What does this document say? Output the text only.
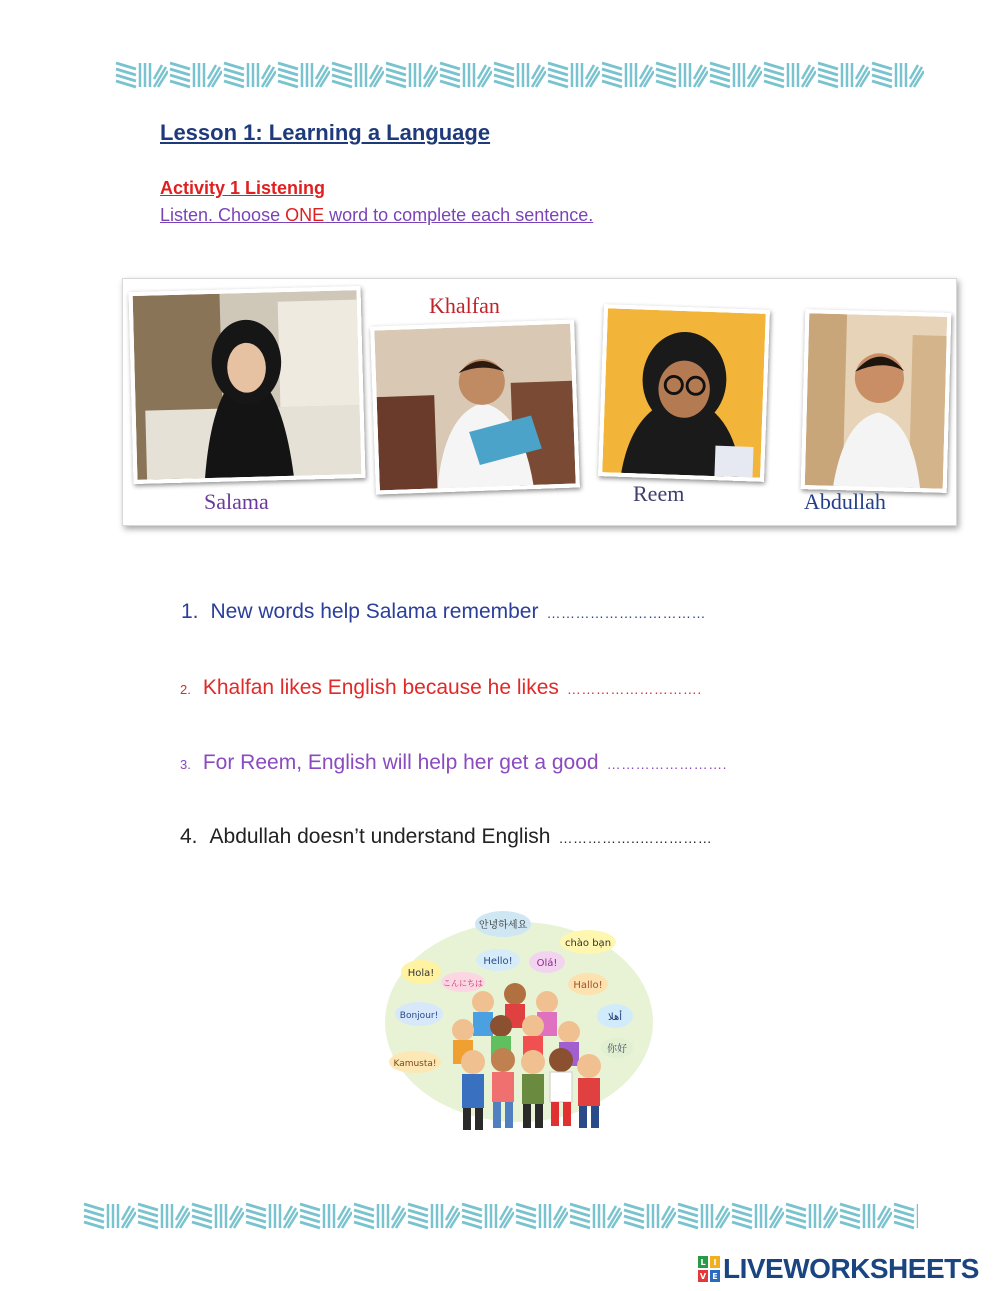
Lesson 1: Learning a Language
Activity 1 Listening
Listen. Choose ONE word to complete each sentence.
Salama
Khalfan
Reem	Abdullah
1. New words help Salama remember ……………………………
2. Khalfan likes English because he likes ……………………….
3. For Reem, English will help her get a good …………………….
4. Abdullah doesn’t understand English ……………..……………
안녕하세요
chào bạn
Hello! Olá!
Hola!
こんにちは	Hallo!
Bonjour!	أهلا
你好
Kamusta!
L I
V E LIVEWORKSHEETS
